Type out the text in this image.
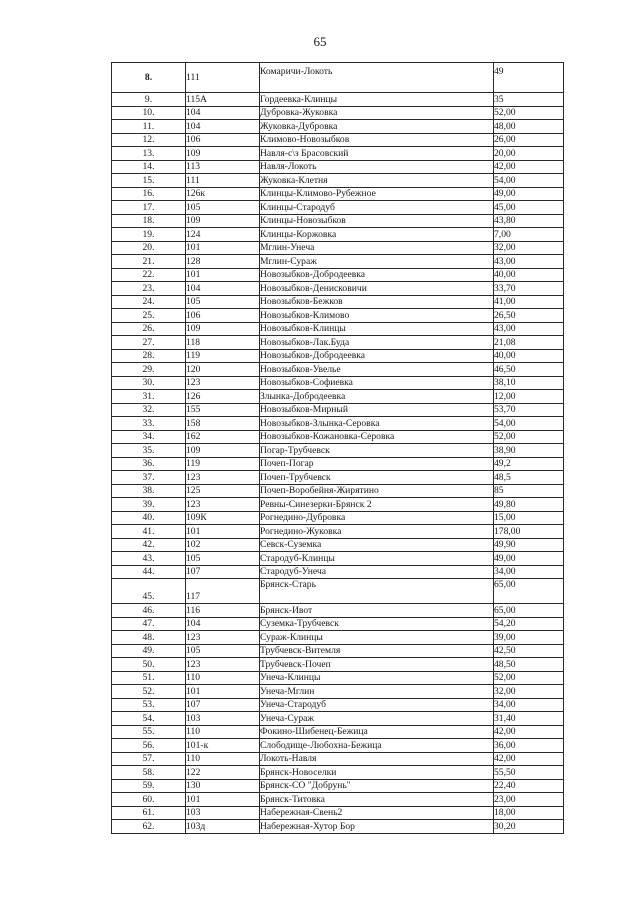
65
8.	111	Комаричи-Локоть	49
9.	115А	Гордеевка-Клинцы	35
10.	104	Дубровка-Жуковка	52,00
11.	104	Жуковка-Дубровка	48,00
12.	106	Климово-Новозыбков	26,00
13.	109	Навля-с\з Брасовский	20,00
14.	113	Навля-Локоть	42,00
15.	111	Жуковка-Клетня	54,00
16.	126к	Клинцы-Климово-Рубежное	49,00
17.	105	Клинцы-Стародуб	45,00
18.	109	Клинцы-Новозыбков	43,80
19.	124	Клинцы-Коржовка	7,00
20.	101	Мглин-Унеча	32,00
21.	128	Мглин-Сураж	43,00
22.	101	Новозыбков-Добродеевка	40,00
23.	104	Новозыбков-Денисковичи	33,70
24.	105	Новозыбков-Бежков	41,00
25.	106	Новозыбков-Климово	26,50
26.	109	Новозыбков-Клинцы	43,00
27.	118	Новозыбков-Лак.Буда	21,08
28.	119	Новозыбков-Добродеевка	40,00
29.	120	Новозыбков-Увелье	46,50
30.	123	Новозыбков-Софиевка	38,10
31.	126	Злынка-Добродеевка	12,00
32.	155	Новозыбков-Мирный	53,70
33.	158	Новозыбков-Злынка-Серовка	54,00
34.	162	Новозыбков-Кожановка-Серовка	52,00
35.	109	Погар-Трубчевск	38,90
36.	119	Почеп-Погар	49,2
37.	123	Почеп-Трубчевск	48,5
38.	125	Почеп-Воробейня-Жирятино	85
39.	123	Ревны-Синезерки-Брянск 2	49,80
40.	109К	Рогнедино-Дубровка	15,00
41.	101	Рогнедино-Жуковка	178,00
42.	102	Севск-Суземка	49,90
43.	105	Стародуб-Клинцы	49,00
44.	107	Стародуб-Унеча	34,00
45.	117	Брянск-Старь	65,00
46.	116	Брянск-Ивот	65,00
47.	104	Суземка-Трубчевск	54,20
48.	123	Сураж-Клинцы	39,00
49.	105	Трубчевск-Витемля	42,50
50.	123	Трубчевск-Почеп	48,50
51.	110	Унеча-Клинцы	52,00
52.	101	Унеча-Мглин	32,00
53.	107	Унеча-Стародуб	34,00
54.	103	Унеча-Сураж	31,40
55.	110	Фокино-Шибенец-Бежица	42,00
56.	101-к	Слободище-Любохна-Бежица	36,00
57.	110	Локоть-Навля	42,00
58.	122	Брянск-Новоселки	55,50
59.	130	Брянск-СО "Добрунь"	22,40
60.	101	Брянск-Титовка	23,00
61.	103	Набережная-Свень2	18,00
62.	103д	Набережная-Хутор Бор	30,20
